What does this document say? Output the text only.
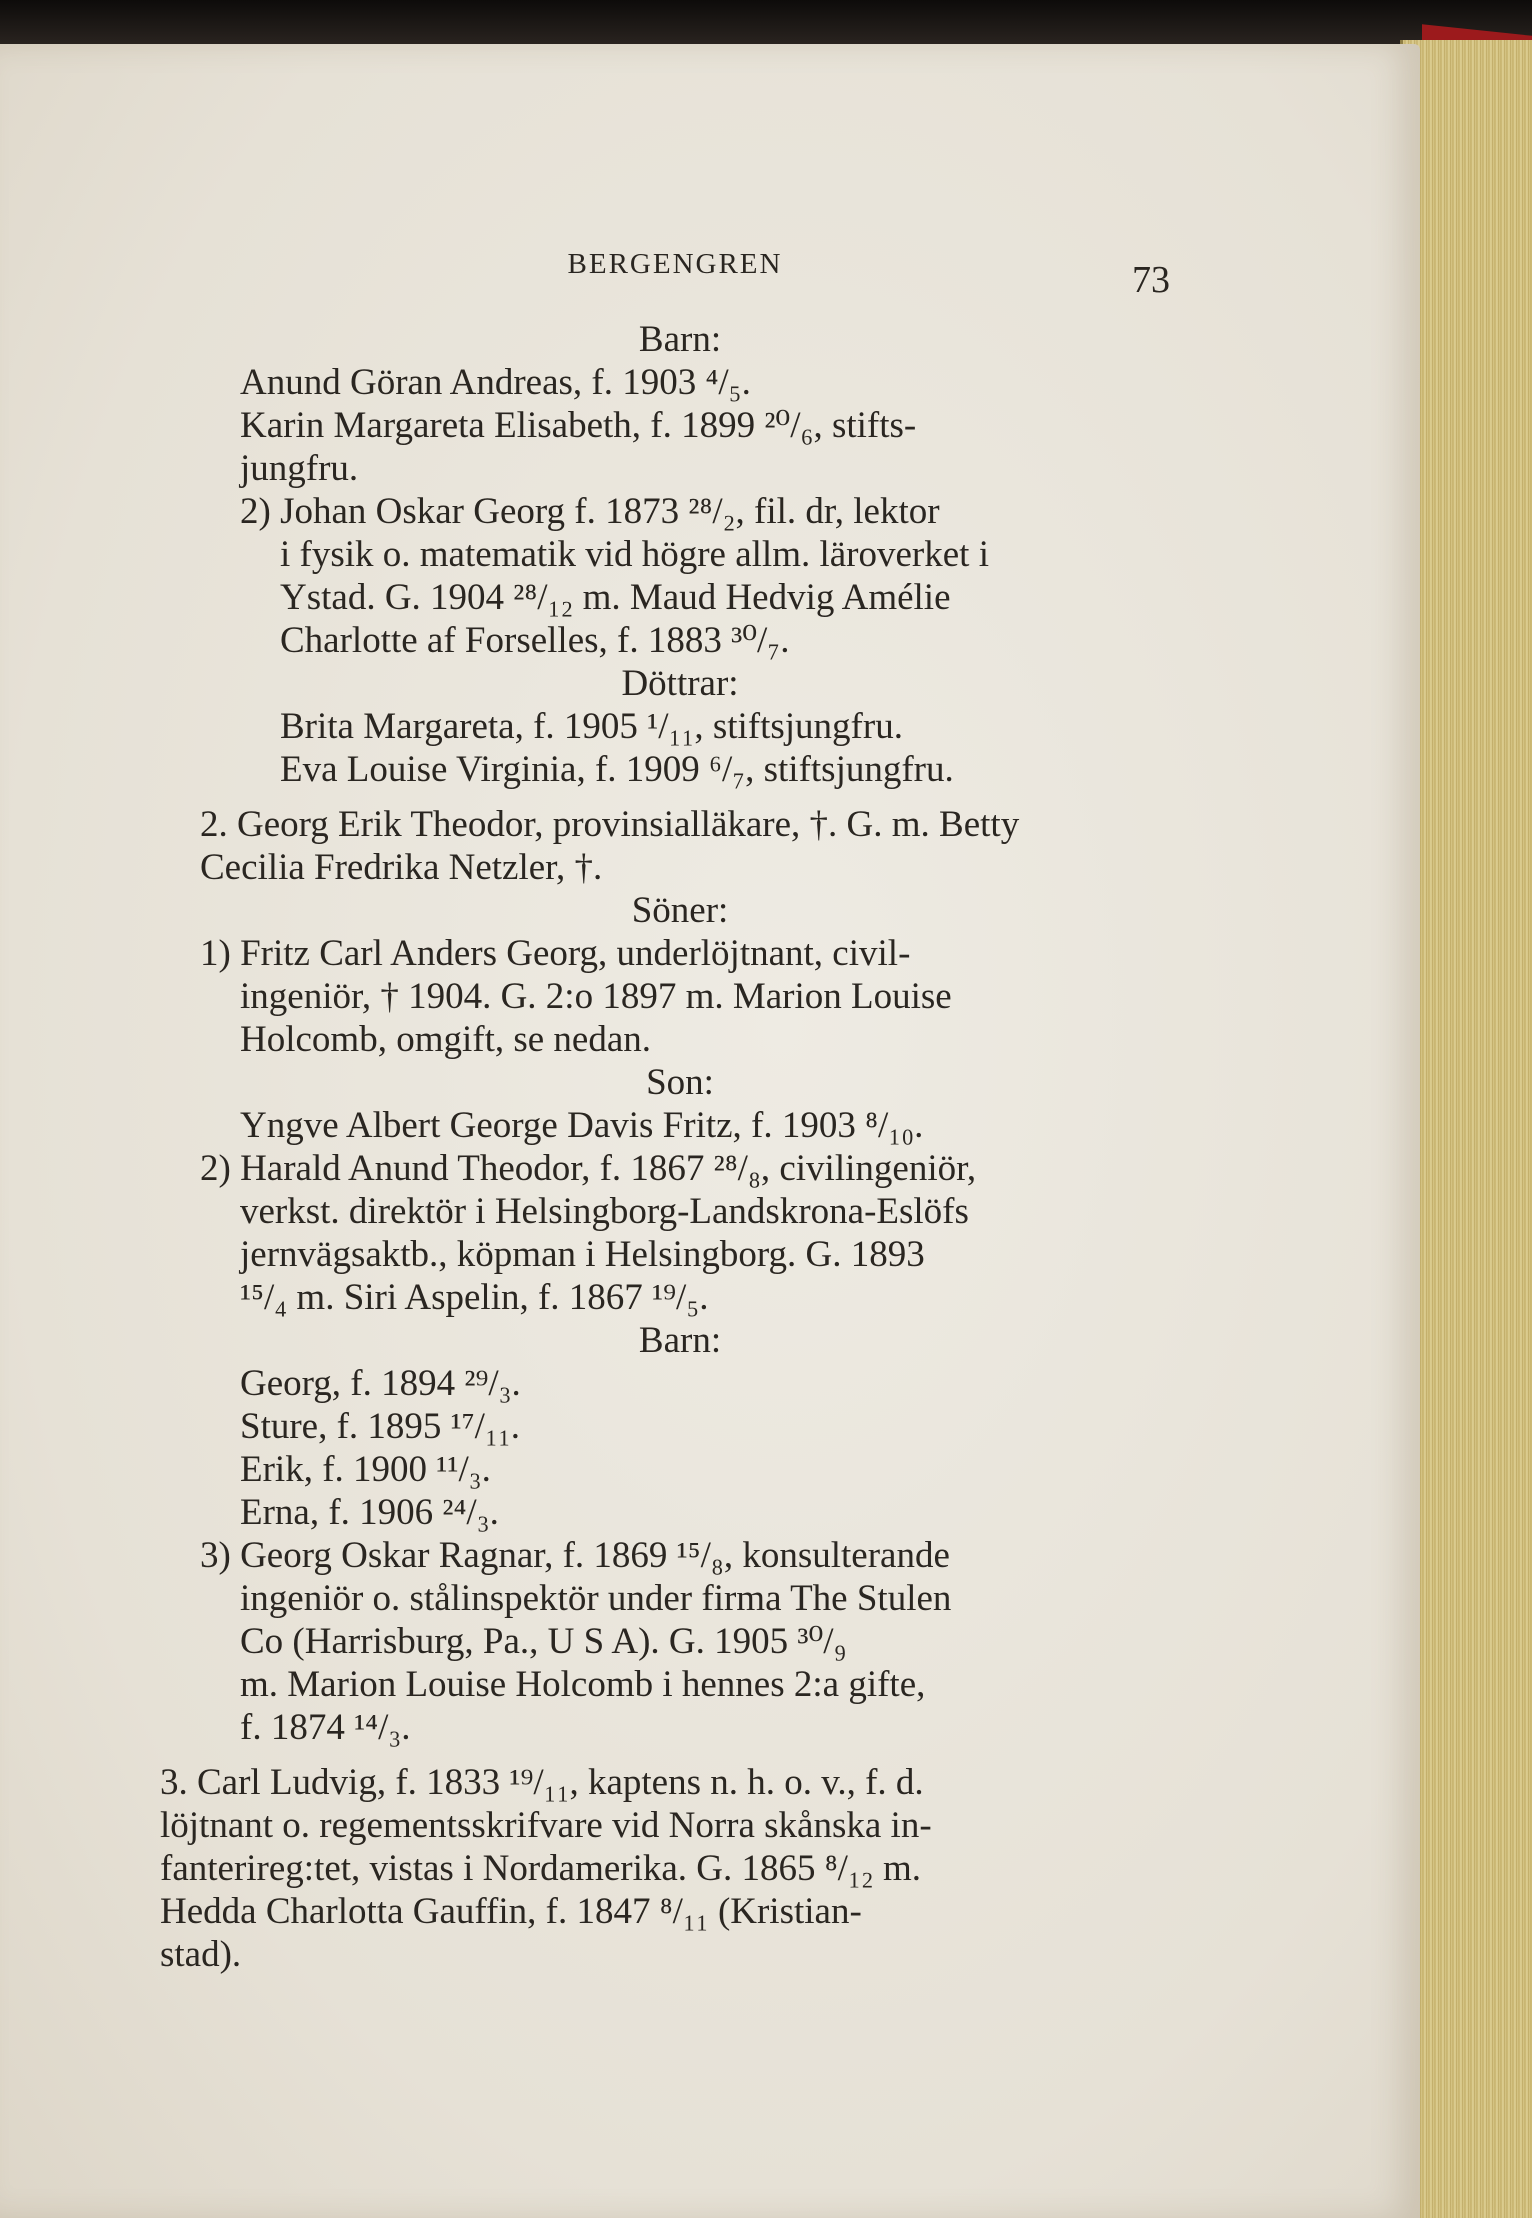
BERGENGREN	73
Barn:
Anund Göran Andreas, f. 1903 ⁴/₅.
Karin Margareta Elisabeth, f. 1899 ²⁰/₆, stifts-
jungfru.
2) Johan Oskar Georg f. 1873 ²⁸/₂, fil. dr, lektor
i fysik o. matematik vid högre allm. läroverket i
Ystad. G. 1904 ²⁸/₁₂ m. Maud Hedvig Amélie
Charlotte af Forselles, f. 1883 ³⁰/₇.
Döttrar:
Brita Margareta, f. 1905 ¹/₁₁, stiftsjungfru.
Eva Louise Virginia, f. 1909 ⁶/₇, stiftsjungfru.
2. Georg Erik Theodor, provinsialläkare, †. G. m. Betty
Cecilia Fredrika Netzler, †.
Söner:
1) Fritz Carl Anders Georg, underlöjtnant, civil-
ingeniör, † 1904. G. 2:o 1897 m. Marion Louise
Holcomb, omgift, se nedan.
Son:
Yngve Albert George Davis Fritz, f. 1903 ⁸/₁₀.
2) Harald Anund Theodor, f. 1867 ²⁸/₈, civilingeniör,
verkst. direktör i Helsingborg-Landskrona-Eslöfs
jernvägsaktb., köpman i Helsingborg. G. 1893
¹⁵/₄ m. Siri Aspelin, f. 1867 ¹⁹/₅.
Barn:
Georg, f. 1894 ²⁹/₃.
Sture, f. 1895 ¹⁷/₁₁.
Erik, f. 1900 ¹¹/₃.
Erna, f. 1906 ²⁴/₃.
3) Georg Oskar Ragnar, f. 1869 ¹⁵/₈, konsulterande
ingeniör o. stålinspektör under firma The Stulen
Co (Harrisburg, Pa., U S A). G. 1905 ³⁰/₉
m. Marion Louise Holcomb i hennes 2:a gifte,
f. 1874 ¹⁴/₃.
3. Carl Ludvig, f. 1833 ¹⁹/₁₁, kaptens n. h. o. v., f. d.
löjtnant o. regementsskrifvare vid Norra skånska in-
fanterireg:tet, vistas i Nordamerika. G. 1865 ⁸/₁₂ m.
Hedda Charlotta Gauffin, f. 1847 ⁸/₁₁ (Kristian-
stad).
